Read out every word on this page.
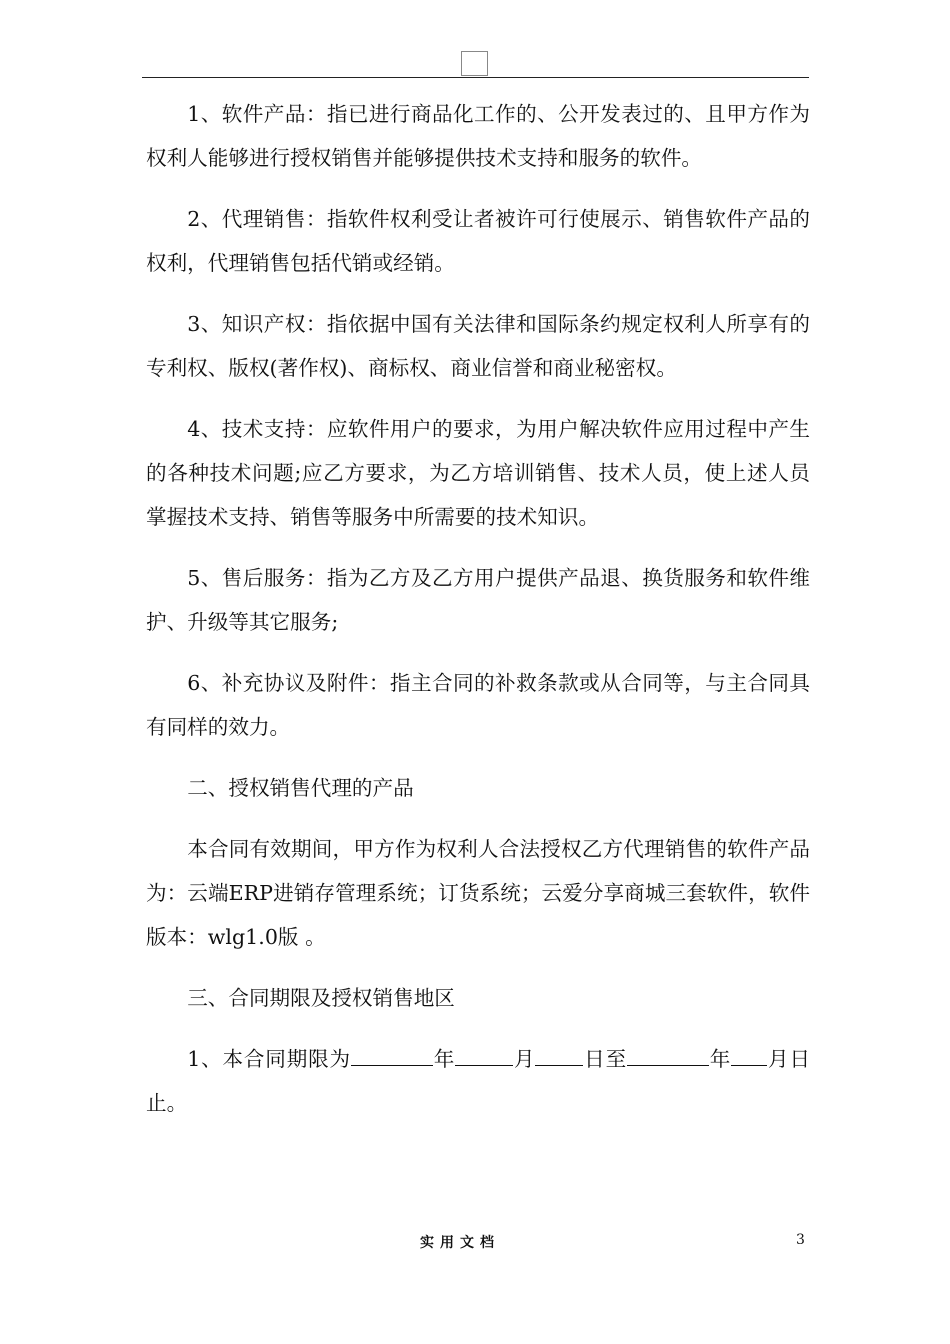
1、软件产品：指已进行商品化工作的、公开发表过的、且甲方作为权利人能够进行授权销售并能够提供技术支持和服务的软件。

2、代理销售：指软件权利受让者被许可行使展示、销售软件产品的权利，代理销售包括代销或经销。

3、知识产权：指依据中国有关法律和国际条约规定权利人所享有的专利权、版权(著作权)、商标权、商业信誉和商业秘密权。

4、技术支持：应软件用户的要求，为用户解决软件应用过程中产生的各种技术问题;应乙方要求，为乙方培训销售、技术人员，使上述人员掌握技术支持、销售等服务中所需要的技术知识。

5、售后服务：指为乙方及乙方用户提供产品退、换货服务和软件维护、升级等其它服务;

6、补充协议及附件：指主合同的补救条款或从合同等，与主合同具有同样的效力。

二、授权销售代理的产品

本合同有效期间，甲方作为权利人合法授权乙方代理销售的软件产品为：云端ERP进销存管理系统；订货系统；云爱分享商城三套软件，软件版本：wlg1.0版 。

三、合同期限及授权销售地区

1、本合同期限为	年	月 日至	年 月日止。

实用文档	3
